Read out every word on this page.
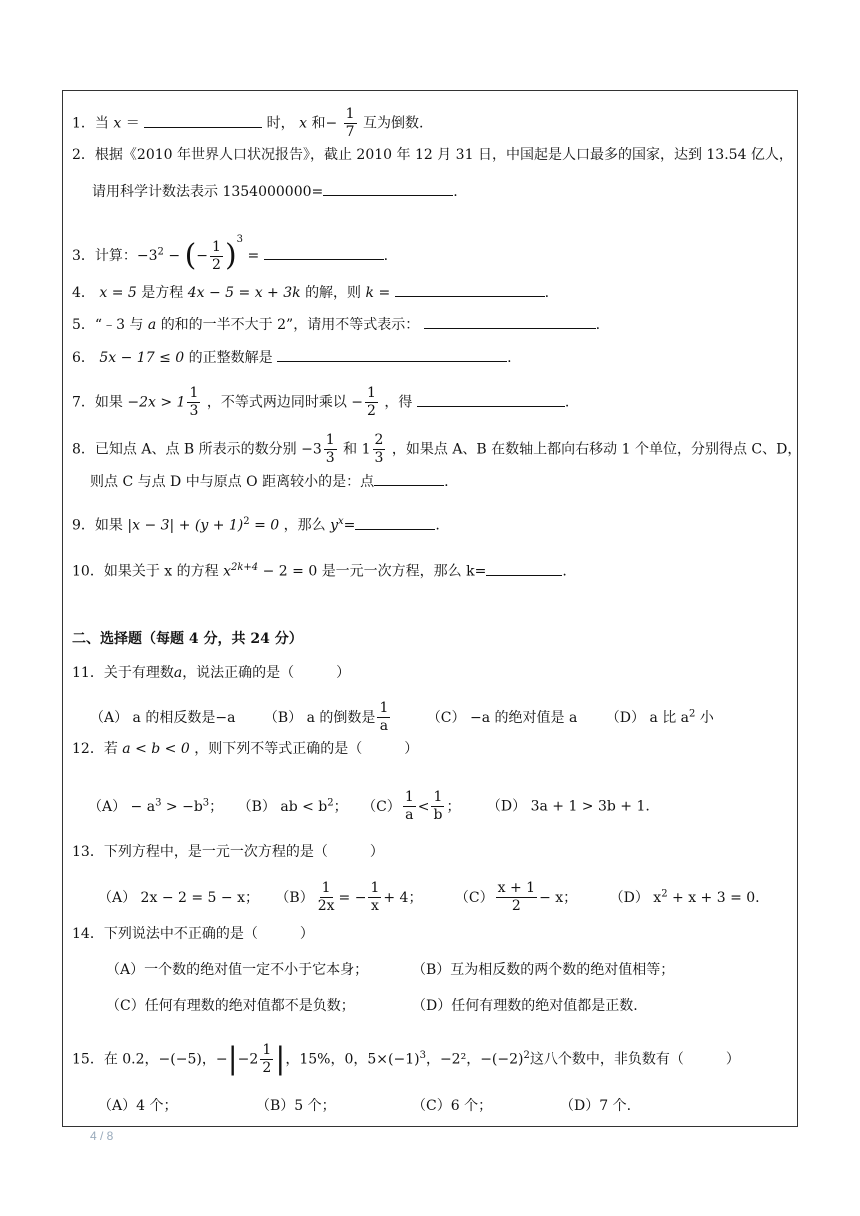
1．当 x ＝	时， x 和− $\frac{1}{7}$ 互为倒数.
2．根据《2010 年世界人口状况报告》，截止 2010 年 12 月 31 日，中国起是人口最多的国家，达到 13.54 亿人，
请用科学计数法表示 1354000000=	.
3．计算：$-3^2$ − (− $\frac{1}{2} )^3$ =	.
4． x = 5 是方程 4x − 5 = x + 3k 的解，则 k =	.
5．“﹣3 与 a 的和的一半不大于 2”，请用不等式表示：	.
6． 5x − 17 ≤ 0 的正整数解是	.
7．如果 $-2x > 1 \frac{1}{3}$ ，不等式两边同时乘以 − $\frac{1}{2}$ ，得	.
8．已知点 A、点 B 所表示的数分别 $-3 \frac{1}{3}$ 和 $1 \frac{2}{3}$ ，如果点 A、B 在数轴上都向右移动 1 个单位，分别得点 C、D，
则点 C 与点 D 中与原点 O 距离较小的是：点	.
9．如果 $|x - 3| + (y + 1)^2 = 0$ ，那么 $y^x=$	.
10．如果关于 x 的方程 $x^{2k+4} - 2 = 0$ 是一元一次方程，那么 k=	.
二、选择题（每题 4 分，共 24 分）
11．关于有理数a，说法正确的是（　　　）
（A） a 的相反数是−a （B） a 的倒数是 $\frac{1}{a}$	（C） −a 的绝对值是 a （D） a 比 $a^2$ 小
12．若 a < b < 0 ，则下列不等式正确的是（　　　）
$(A) - a^3 > -b^3$； （B） ab < $b^2$； $(C) \frac{1}{a} < \frac{1}{b}$ ； （D） 3a + 1 > 3b + 1.
13．下列方程中，是一元一次方程的是（　　　）
（A） 2x − 2 = 5 − x； $(B) \frac{1}{2x}$ = − $\frac{1}{x} + 4$； $(C) \frac{x + 1}{2} - x$； （D） $x^2 + x + 3 = 0$.
14．下列说法中不正确的是（　　　）
（A）一个数的绝对值一定不小于它本身；	（B）互为相反数的两个数的绝对值相等；
（C）任何有理数的绝对值都不是负数；	（D）任何有理数的绝对值都是正数.
15．在 0.2，−(−5)，$-|-2 \frac{1}{2}$ |，15%，0，$5\times(-1)^3$，−2²，$-(-2)^2$这八个数中，非负数有（　　　）
（A）4 个；	（B）5 个；	（C）6 个；	（D）7 个.
4 / 8
